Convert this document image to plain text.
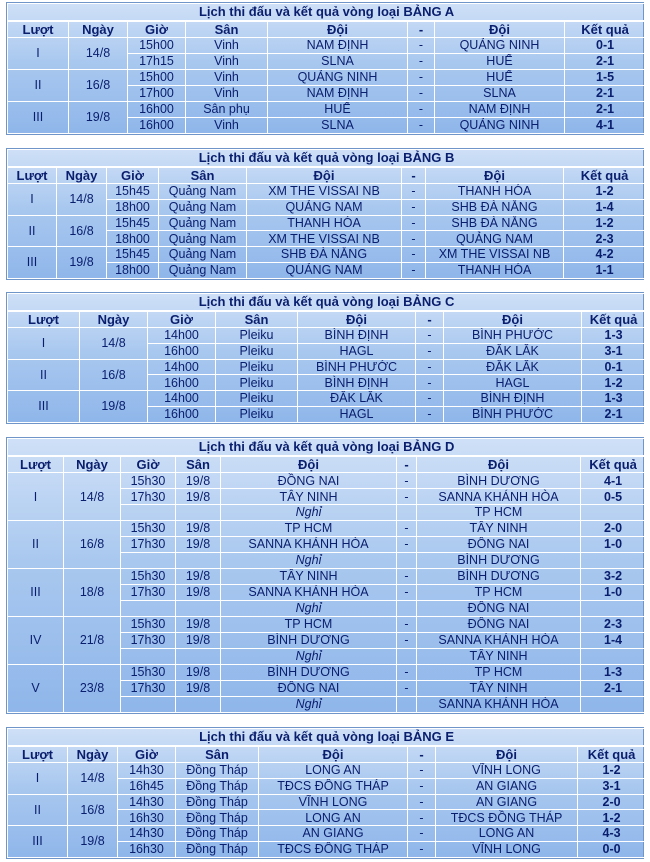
Lịch thi đấu và kết quả vòng loại BẢNG A							
Lượt	Ngày	Giờ	Sân	Đội	-	Đội	Kết quả
I	14/8	15h00	Vinh	NAM ĐỊNH	-	QUẢNG NINH	0-1
		17h15	Vinh	SLNA	-	HUẾ	2-1
II	16/8	15h00	Vinh	QUẢNG NINH	-	HUẾ	1-5
		17h00	Vinh	NAM ĐỊNH	-	SLNA	2-1
III	19/8	16h00	Sân phụ	HUẾ	-	NAM ĐỊNH	2-1
		16h00	Vinh	SLNA	-	QUẢNG NINH	4-1
Lịch thi đấu và kết quả vòng loại BẢNG B							
Lượt	Ngày	Giờ	Sân	Đội	-	Đội	Kết quả
I	14/8	15h45	Quảng Nam	XM THE VISSAI NB	-	THANH HÓA	1-2
		18h00	Quảng Nam	QUẢNG NAM	-	SHB ĐÀ NẴNG	1-4
II	16/8	15h45	Quảng Nam	THANH HÓA	-	SHB ĐÀ NẴNG	1-2
		18h00	Quảng Nam	XM THE VISSAI NB	-	QUẢNG NAM	2-3
III	19/8	15h45	Quảng Nam	SHB ĐÀ NẴNG	-	XM THE VISSAI NB	4-2
		18h00	Quảng Nam	QUẢNG NAM	-	THANH HÓA	1-1
Lịch thi đấu và kết quả vòng loại BẢNG C							
Lượt	Ngày	Giờ	Sân	Đội	-	Đội	Kết quả
I	14/8	14h00	Pleiku	BÌNH ĐỊNH	-	BÌNH PHƯỚC	1-3
		16h00	Pleiku	HAGL	-	ĐĂK LĂK	3-1
II	16/8	14h00	Pleiku	BÌNH PHƯỚC	-	ĐĂK LĂK	0-1
		16h00	Pleiku	BÌNH ĐỊNH	-	HAGL	1-2
III	19/8	14h00	Pleiku	ĐĂK LĂK	-	BÌNH ĐỊNH	1-3
		16h00	Pleiku	HAGL	-	BÌNH PHƯỚC	2-1
Lịch thi đấu và kết quả vòng loại BẢNG D							
Lượt	Ngày	Giờ	Sân	Đội	-	Đội	Kết quả
I	14/8	15h30	19/8	ĐỒNG NAI	-	BÌNH DƯƠNG	4-1
		17h30	19/8	TÂY NINH	-	SANNA KHÁNH HÒA	0-5
				Nghỉ		TP HCM	
II	16/8	15h30	19/8	TP HCM	-	TÂY NINH	2-0
		17h30	19/8	SANNA KHÁNH HÒA	-	ĐỒNG NAI	1-0
				Nghỉ		BÌNH DƯƠNG	
III	18/8	15h30	19/8	TÂY NINH	-	BÌNH DƯƠNG	3-2
		17h30	19/8	SANNA KHÁNH HÒA	-	TP HCM	1-0
				Nghỉ		ĐỒNG NAI	
IV	21/8	15h30	19/8	TP HCM	-	ĐỒNG NAI	2-3
		17h30	19/8	BÌNH DƯƠNG	-	SANNA KHÁNH HÒA	1-4
				Nghỉ		TÂY NINH	
V	23/8	15h30	19/8	BÌNH DƯƠNG	-	TP HCM	1-3
		17h30	19/8	ĐỒNG NAI	-	TÂY NINH	2-1
				Nghỉ		SANNA KHÁNH HÒA	
Lịch thi đấu và kết quả vòng loại BẢNG E							
Lượt	Ngày	Giờ	Sân	Đội	-	Đội	Kết quả
I	14/8	14h30	Đồng Tháp	LONG AN	-	VĨNH LONG	1-2
		16h45	Đồng Tháp	TĐCS ĐỒNG THÁP	-	AN GIANG	3-1
II	16/8	14h30	Đồng Tháp	VĨNH LONG	-	AN GIANG	2-0
		16h30	Đồng Tháp	LONG AN	-	TĐCS ĐỒNG THÁP	1-2
III	19/8	14h30	Đồng Tháp	AN GIANG	-	LONG AN	4-3
		16h30	Đồng Tháp	TĐCS ĐỒNG THÁP	-	VĨNH LONG	0-0
